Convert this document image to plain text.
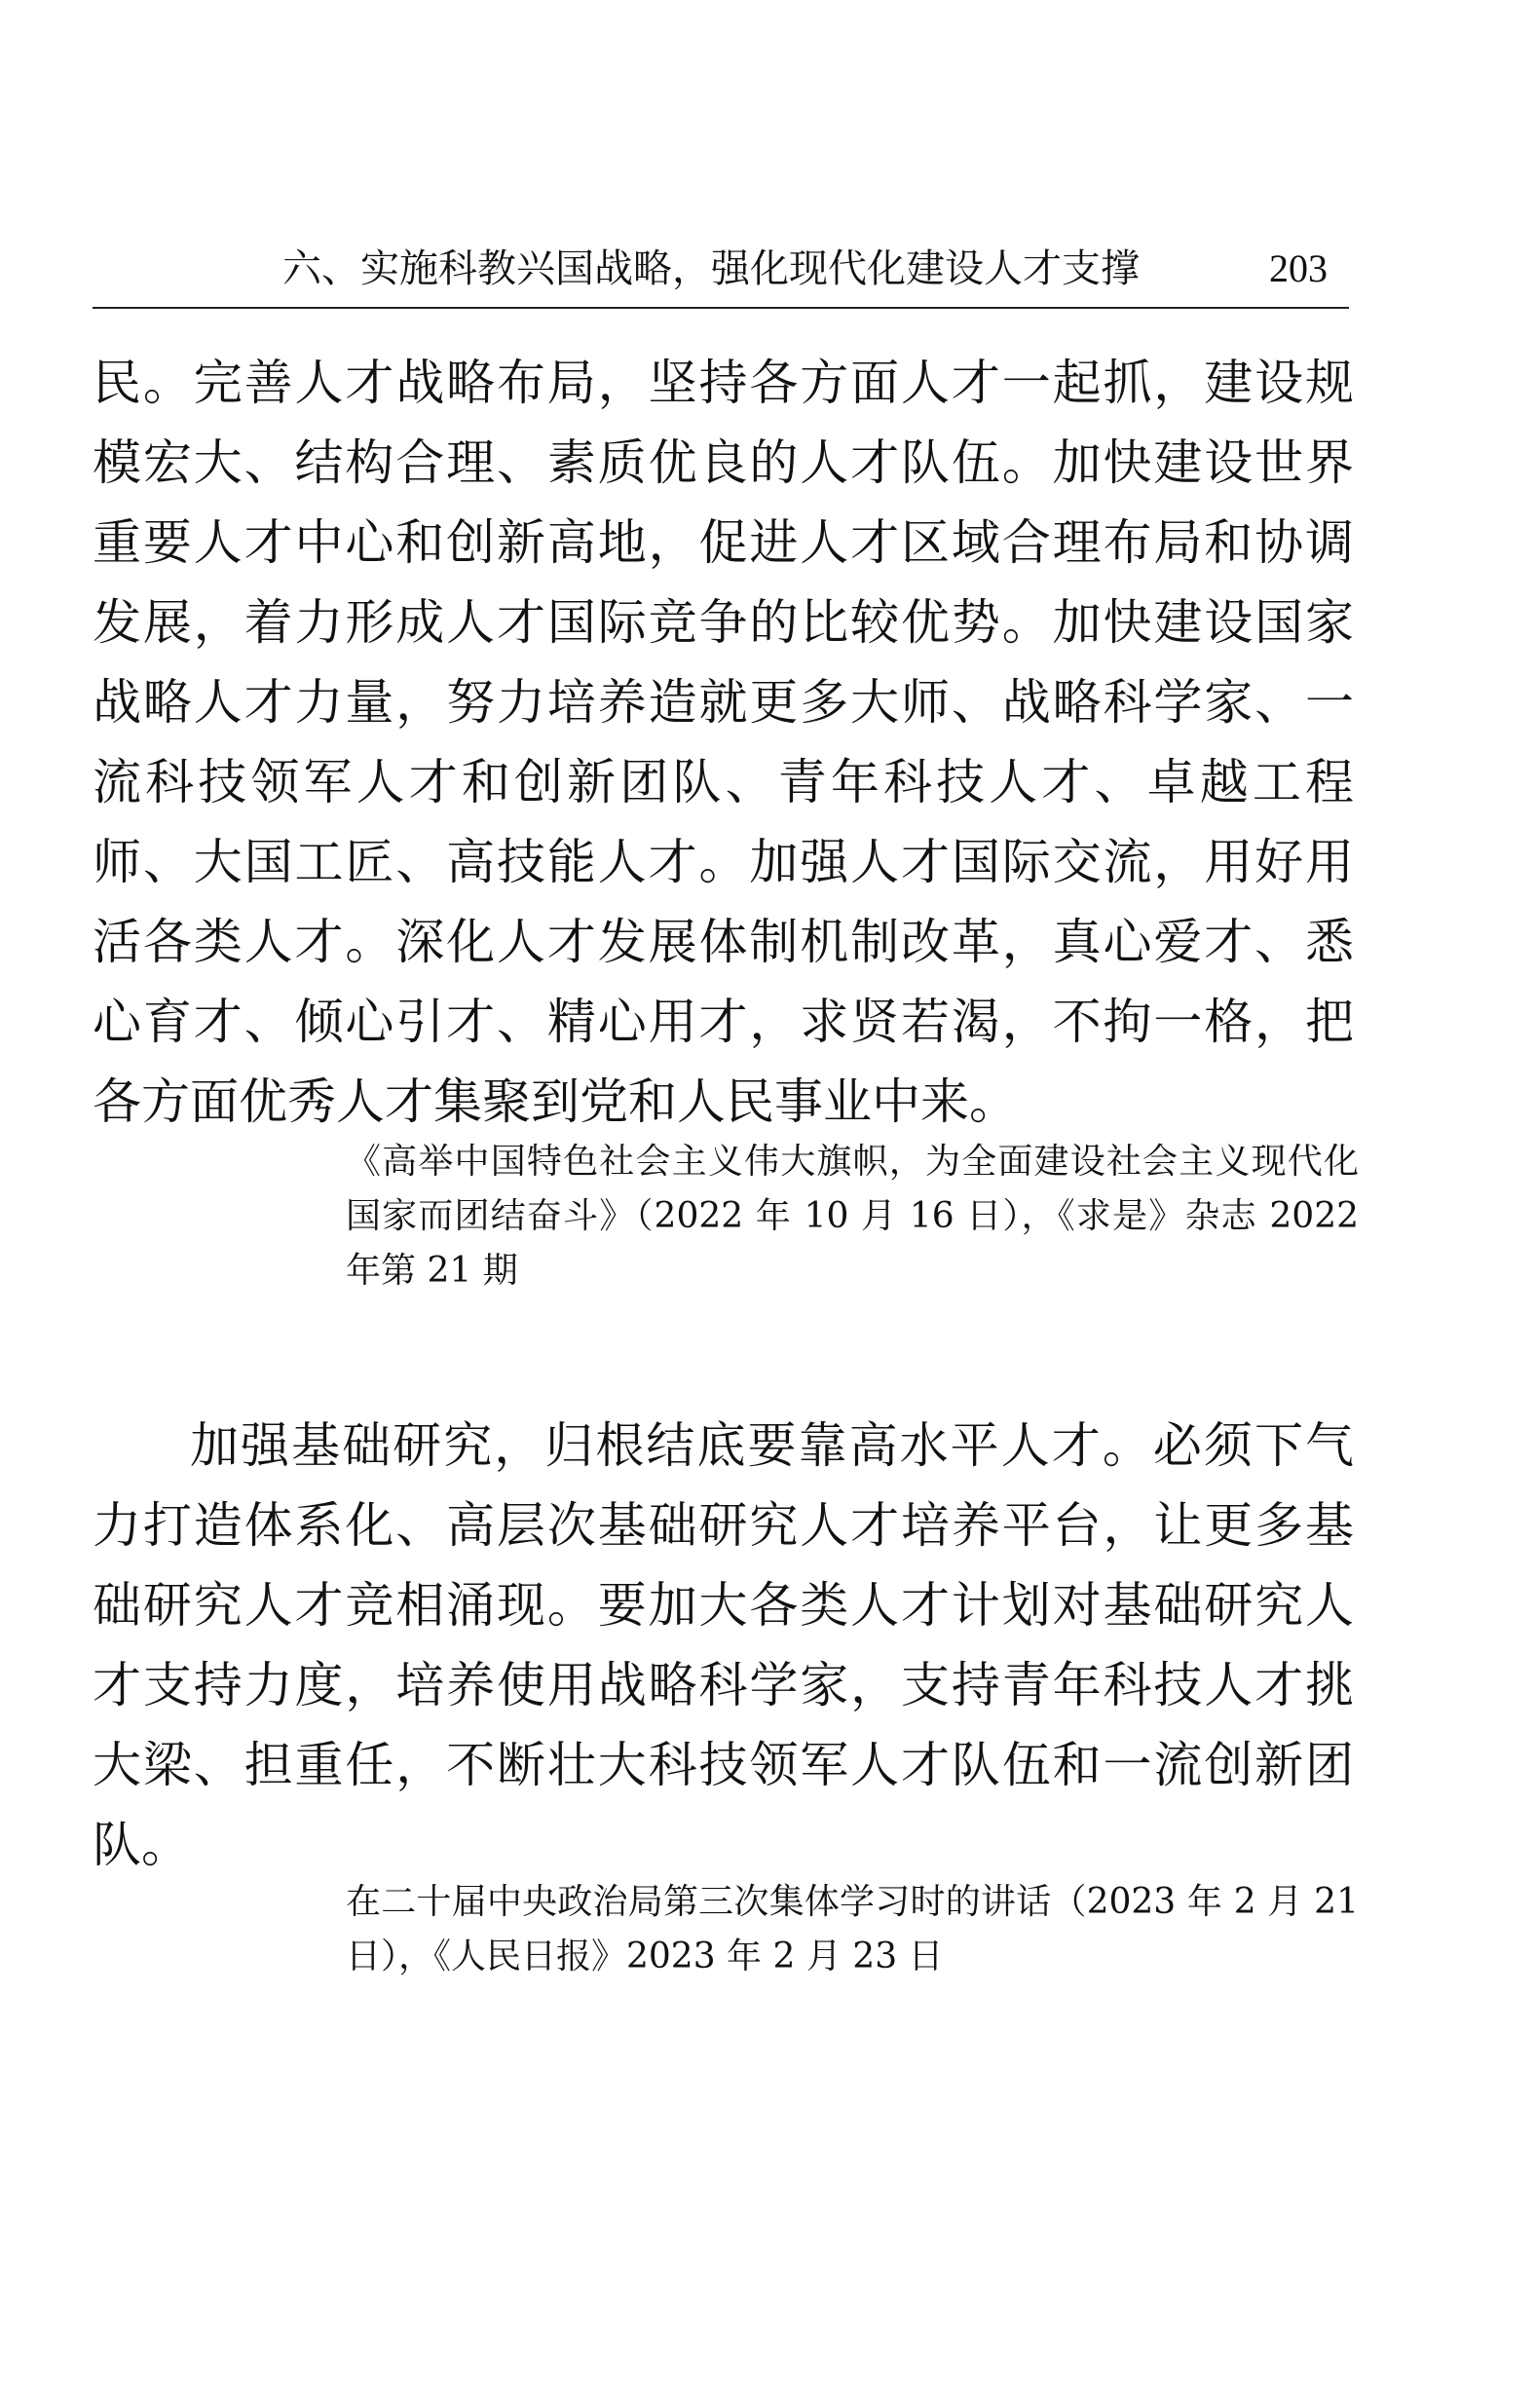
六、实施科教兴国战略，强化现代化建设人才支撑	203

民。完善人才战略布局，坚持各方面人才一起抓，建设规模宏大、结构合理、素质优良的人才队伍。加快建设世界重要人才中心和创新高地，促进人才区域合理布局和协调发展，着力形成人才国际竞争的比较优势。加快建设国家战略人才力量，努力培养造就更多大师、战略科学家、一流科技领军人才和创新团队、青年科技人才、卓越工程师、大国工匠、高技能人才。加强人才国际交流，用好用活各类人才。深化人才发展体制机制改革，真心爱才、悉心育才、倾心引才、精心用才，求贤若渴，不拘一格，把各方面优秀人才集聚到党和人民事业中来。

《高举中国特色社会主义伟大旗帜，为全面建设社会主义现代化国家而团结奋斗》（2022 年 10 月 16 日），《求是》杂志 2022 年第 21 期

加强基础研究，归根结底要靠高水平人才。必须下气力打造体系化、高层次基础研究人才培养平台，让更多基础研究人才竞相涌现。要加大各类人才计划对基础研究人才支持力度，培养使用战略科学家，支持青年科技人才挑大梁、担重任，不断壮大科技领军人才队伍和一流创新团队。

在二十届中央政治局第三次集体学习时的讲话（2023 年 2 月 21 日），《人民日报》2023 年 2 月 23 日
